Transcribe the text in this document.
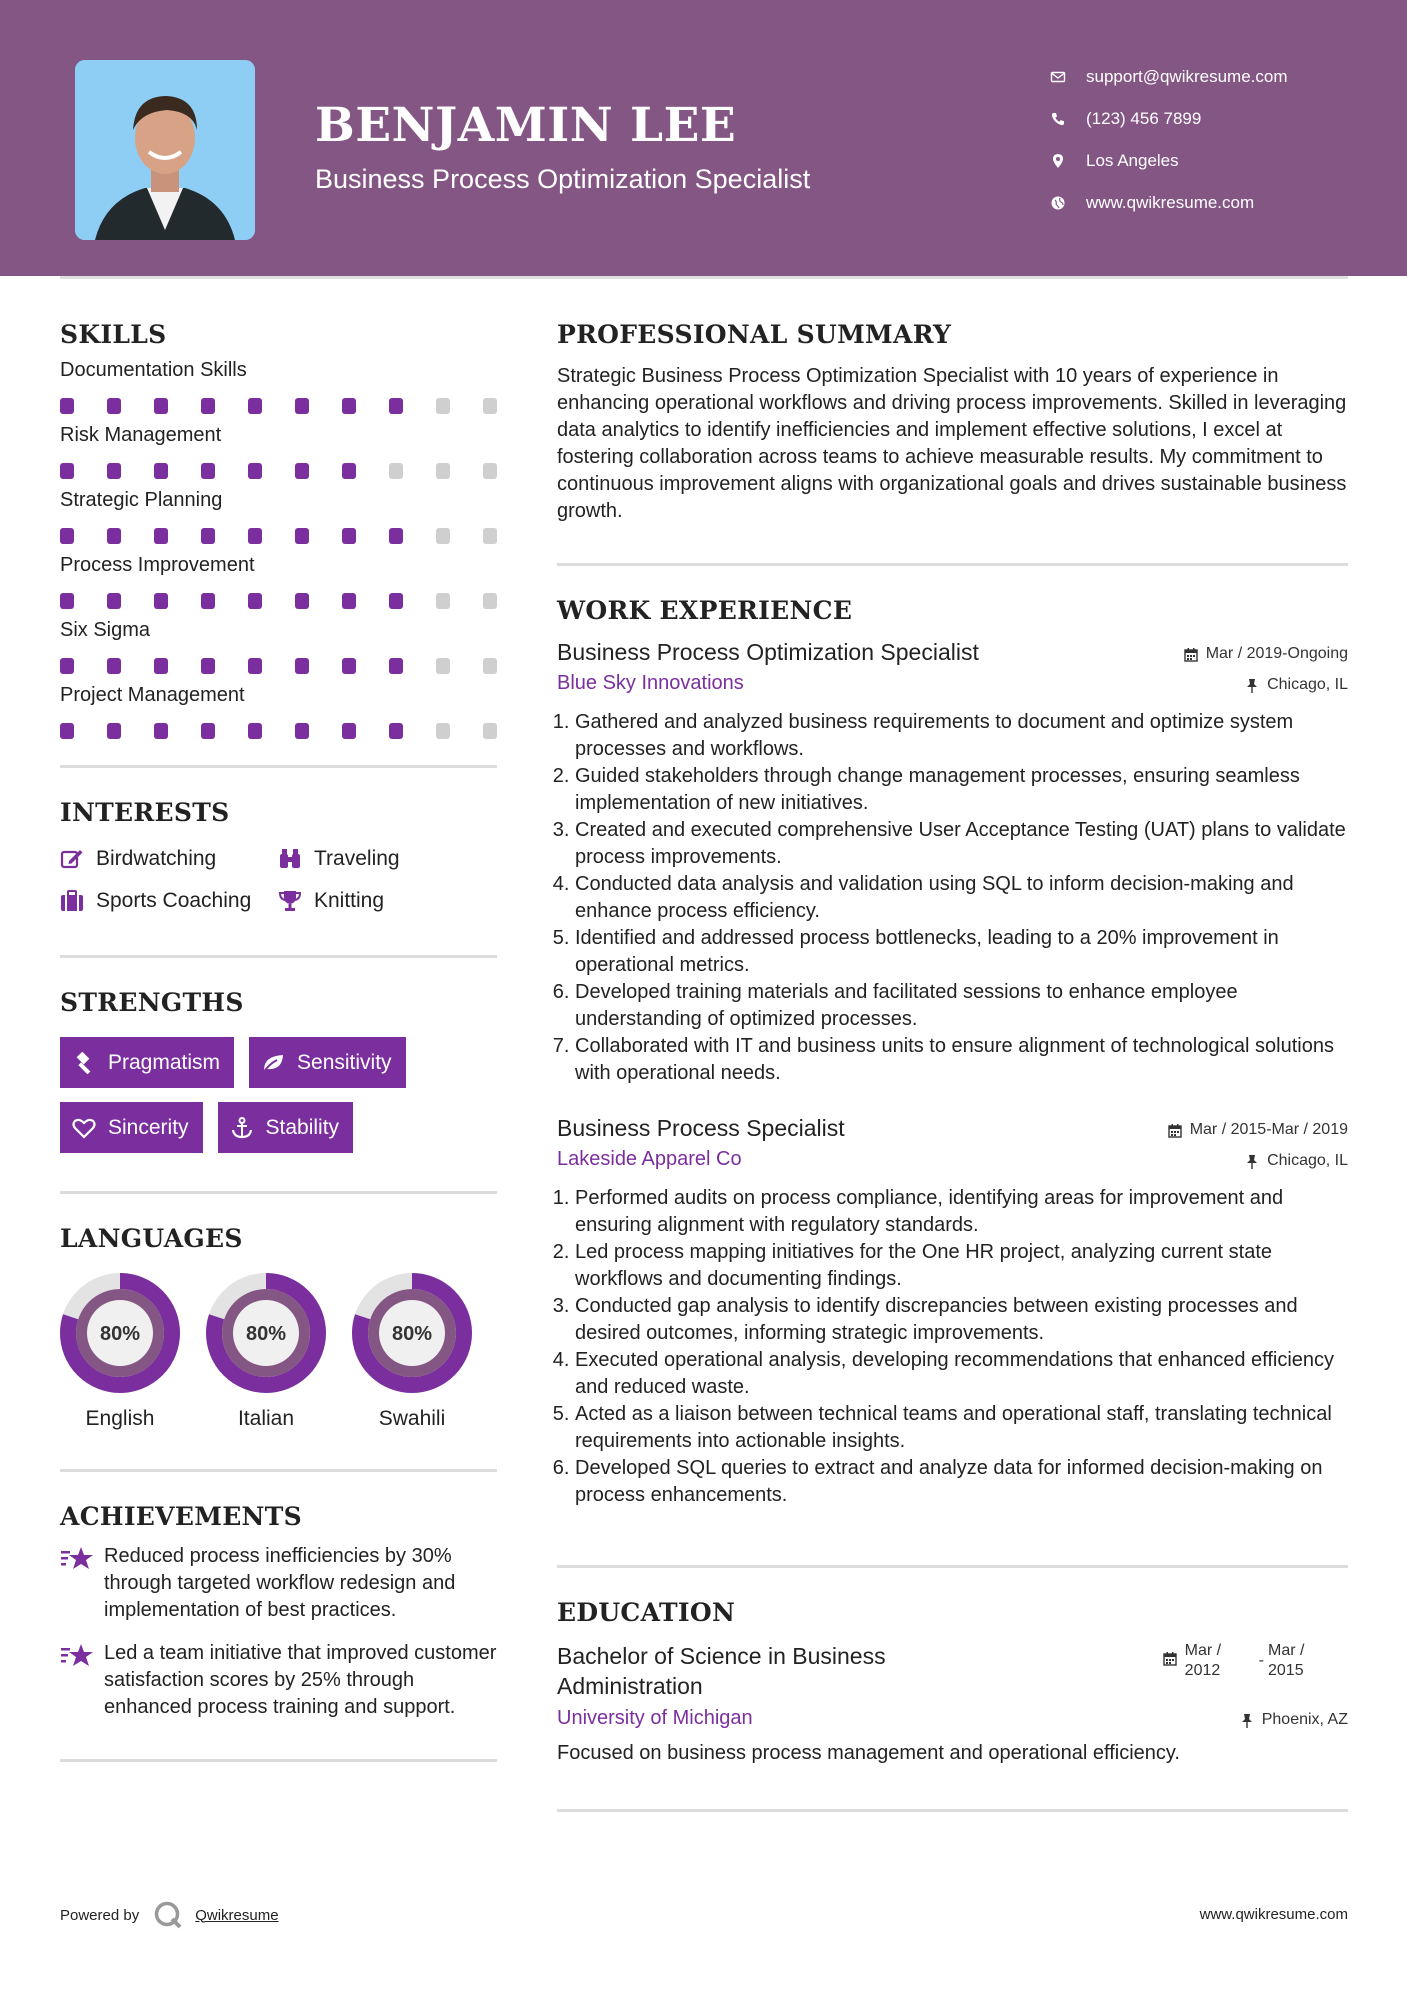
BENJAMIN LEE
Business Process Optimization Specialist
support@qwikresume.com
(123) 456 7899
Los Angeles
www.qwikresume.com
SKILLS
Documentation Skills
Risk Management
Strategic Planning
Process Improvement
Six Sigma
Project Management
INTERESTS
Birdwatching	Traveling
Sports Coaching	Knitting
STRENGTHS
Pragmatism	Sensitivity
Sincerity	Stability
LANGUAGES
80%
English
80%
Italian
80%
Swahili
ACHIEVEMENTS
Reduced process inefficiencies by 30% through targeted workflow redesign and implementation of best practices.
Led a team initiative that improved customer satisfaction scores by 25% through enhanced process training and support.
PROFESSIONAL SUMMARY
Strategic Business Process Optimization Specialist with 10 years of experience in enhancing operational workflows and driving process improvements. Skilled in leveraging data analytics to identify inefficiencies and implement effective solutions, I excel at fostering collaboration across teams to achieve measurable results. My commitment to continuous improvement aligns with organizational goals and drives sustainable business growth.
WORK EXPERIENCE
Business Process Optimization Specialist	Mar / 2019-Ongoing
Blue Sky Innovations	Chicago, IL
1. Gathered and analyzed business requirements to document and optimize system processes and workflows.
2. Guided stakeholders through change management processes, ensuring seamless implementation of new initiatives.
3. Created and executed comprehensive User Acceptance Testing (UAT) plans to validate process improvements.
4. Conducted data analysis and validation using SQL to inform decision-making and enhance process efficiency.
5. Identified and addressed process bottlenecks, leading to a 20% improvement in operational metrics.
6. Developed training materials and facilitated sessions to enhance employee understanding of optimized processes.
7. Collaborated with IT and business units to ensure alignment of technological solutions with operational needs.
Business Process Specialist	Mar / 2015-Mar / 2019
Lakeside Apparel Co	Chicago, IL
1. Performed audits on process compliance, identifying areas for improvement and ensuring alignment with regulatory standards.
2. Led process mapping initiatives for the One HR project, analyzing current state workflows and documenting findings.
3. Conducted gap analysis to identify discrepancies between existing processes and desired outcomes, informing strategic improvements.
4. Executed operational analysis, developing recommendations that enhanced efficiency and reduced waste.
5. Acted as a liaison between technical teams and operational staff, translating technical requirements into actionable insights.
6. Developed SQL queries to extract and analyze data for informed decision-making on process enhancements.
EDUCATION
Bachelor of Science in Business Administration
Mar / 2012
-
Mar / 2015
University of Michigan	Phoenix, AZ
Focused on business process management and operational efficiency.
Powered by	Qwikresume	www.qwikresume.com
